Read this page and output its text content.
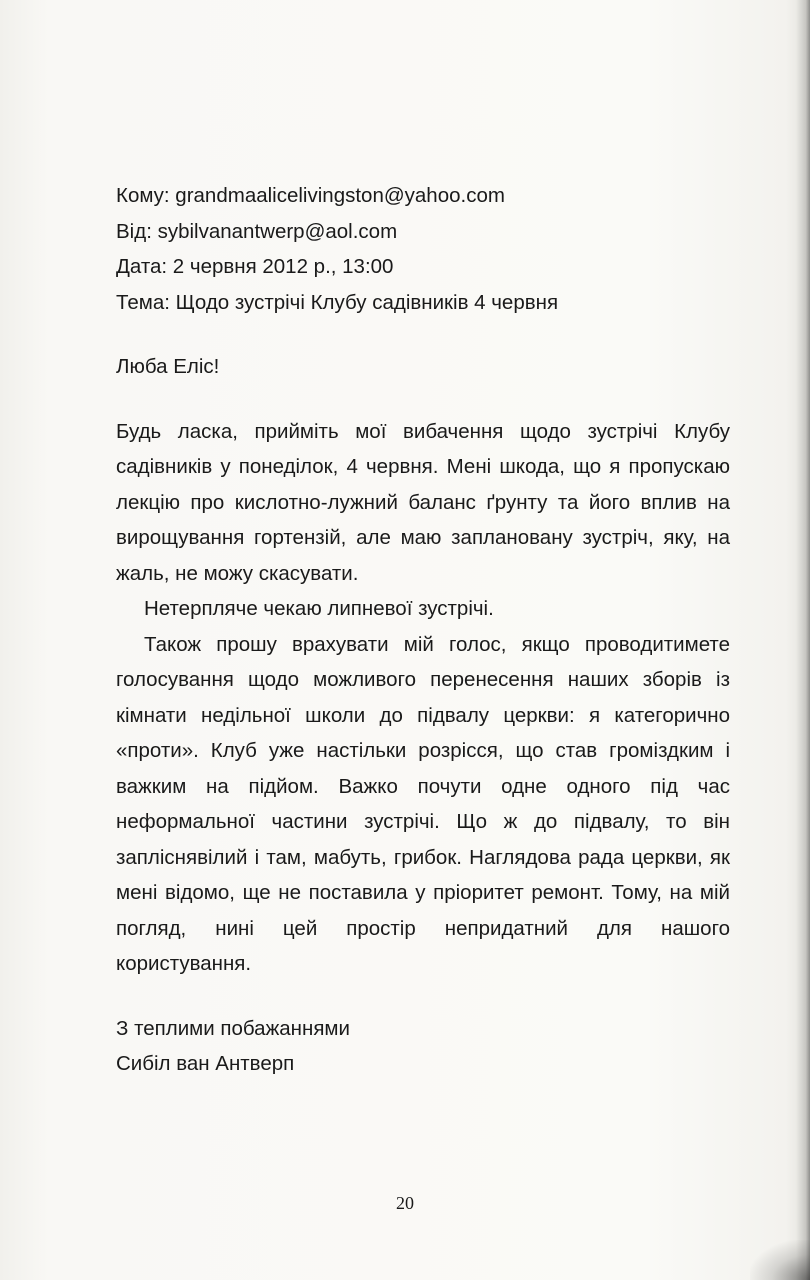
Кому: grandmaalicelivingston@yahoo.com
Від: sybilvanantwerp@aol.com
Дата: 2 червня 2012 р., 13:00
Тема: Щодо зустрічі Клубу садівників 4 червня
Люба Еліс!

Будь ласка, прийміть мої вибачення щодо зустрічі Клубу садівників у понеділок, 4 червня. Мені шкода, що я пропускаю лекцію про кислотно-лужний баланс ґрунту та його вплив на вирощування гортензій, але маю заплановану зустріч, яку, на жаль, не можу скасувати.

Нетерпляче чекаю липневої зустрічі.

Також прошу врахувати мій голос, якщо проводитимете голосування щодо можливого перенесення наших зборів із кімнати недільної школи до підвалу церкви: я категорично «проти». Клуб уже настільки розрісся, що став громіздким і важким на підйом. Важко почути одне одного під час неформальної частини зустрічі. Що ж до підвалу, то він запліснявілий і там, мабуть, грибок. Наглядова рада церкви, як мені відомо, ще не поставила у пріоритет ремонт. Тому, на мій погляд, нині цей простір непридатний для нашого користування.

З теплими побажаннями
Сибіл ван Антверп
20
